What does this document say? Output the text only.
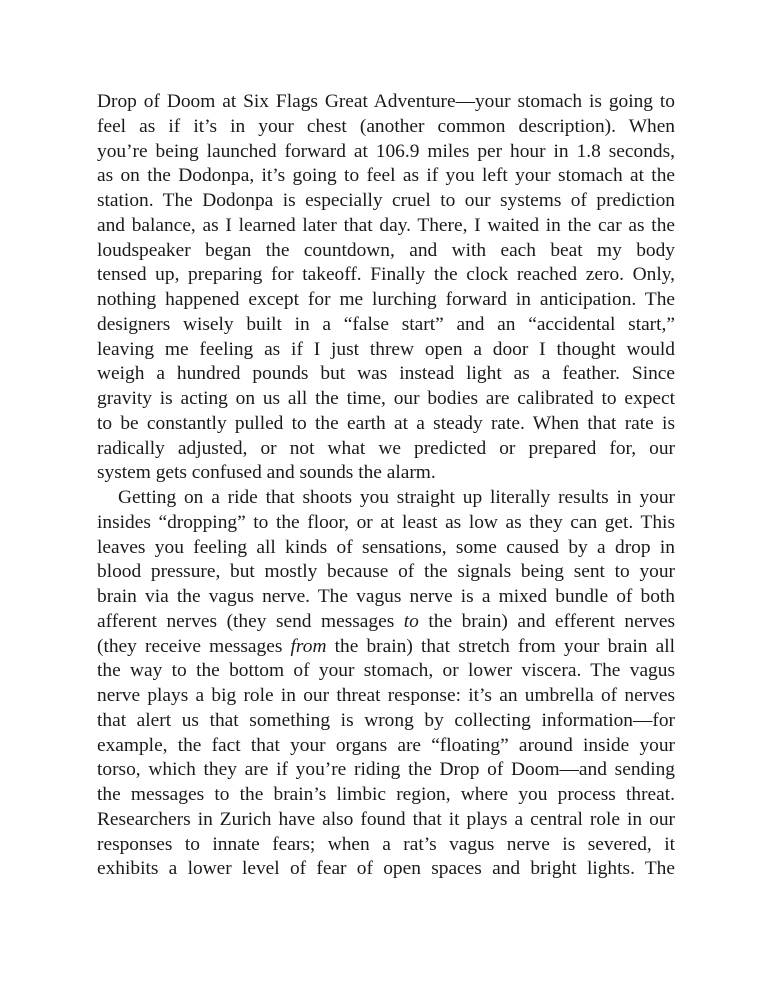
Drop of Doom at Six Flags Great Adventure—your stomach is going to
feel as if it’s in your chest (another common description). When
you’re being launched forward at 106.9 miles per hour in 1.8 seconds,
as on the Dodonpa, it’s going to feel as if you left your stomach at the
station. The Dodonpa is especially cruel to our systems of prediction
and balance, as I learned later that day. There, I waited in the car as the
loudspeaker began the countdown, and with each beat my body
tensed up, preparing for takeoff. Finally the clock reached zero. Only,
nothing happened except for me lurching forward in anticipation. The
designers wisely built in a “false start” and an “accidental start,”
leaving me feeling as if I just threw open a door I thought would
weigh a hundred pounds but was instead light as a feather. Since
gravity is acting on us all the time, our bodies are calibrated to expect
to be constantly pulled to the earth at a steady rate. When that rate is
radically adjusted, or not what we predicted or prepared for, our
system gets confused and sounds the alarm.
Getting on a ride that shoots you straight up literally results in your
insides “dropping” to the floor, or at least as low as they can get. This
leaves you feeling all kinds of sensations, some caused by a drop in
blood pressure, but mostly because of the signals being sent to your
brain via the vagus nerve. The vagus nerve is a mixed bundle of both
afferent nerves (they send messages to the brain) and efferent nerves
(they receive messages from the brain) that stretch from your brain all
the way to the bottom of your stomach, or lower viscera. The vagus
nerve plays a big role in our threat response: it’s an umbrella of nerves
that alert us that something is wrong by collecting information—for
example, the fact that your organs are “floating” around inside your
torso, which they are if you’re riding the Drop of Doom—and sending
the messages to the brain’s limbic region, where you process threat.
Researchers in Zurich have also found that it plays a central role in our
responses to innate fears; when a rat’s vagus nerve is severed, it
exhibits a lower level of fear of open spaces and bright lights. The
